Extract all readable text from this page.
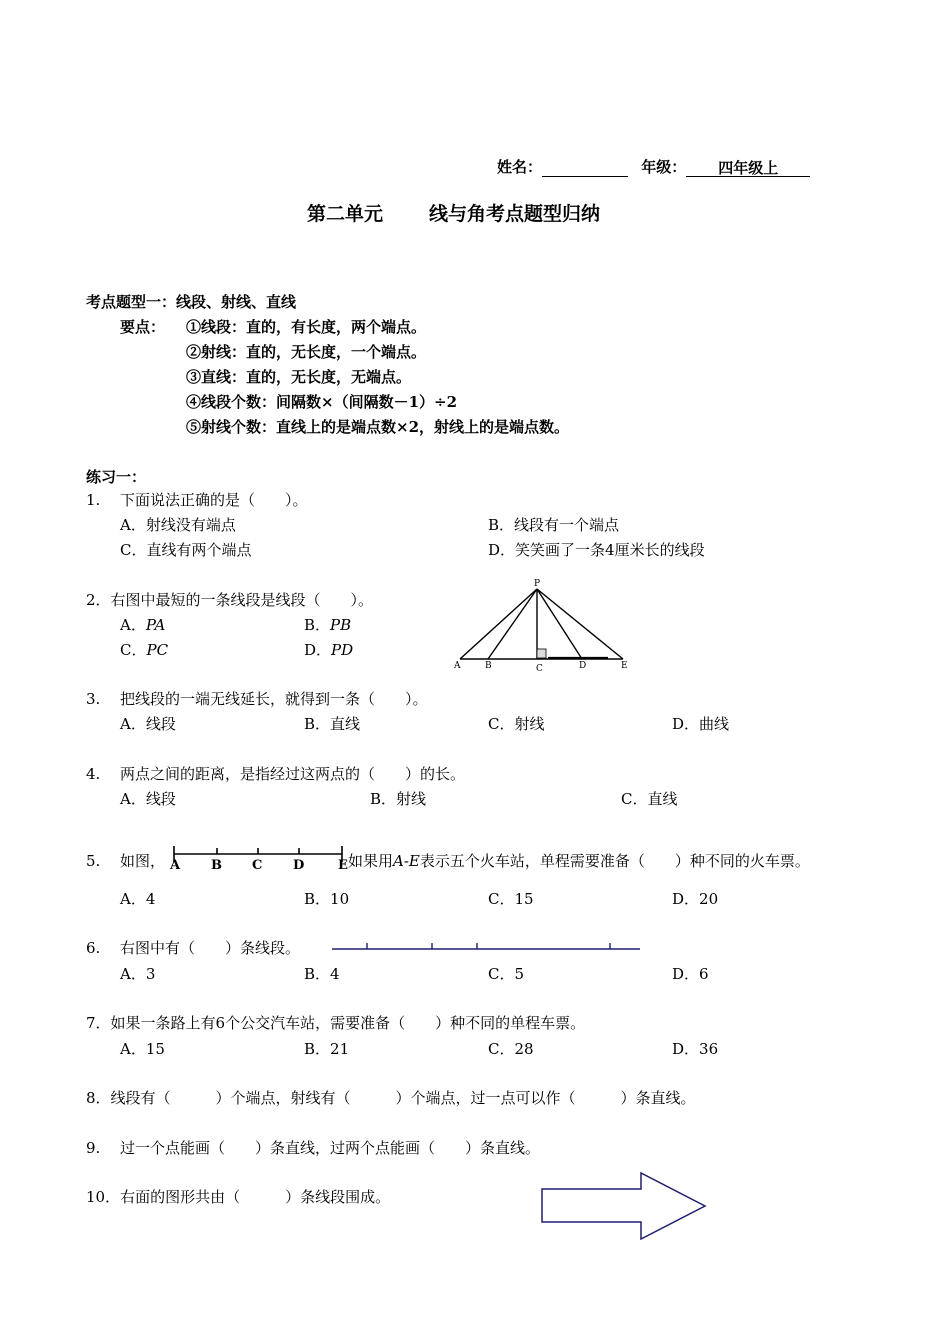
姓名：	年级： 四年级上
第二单元 线与角考点题型归纳
考点题型一：线段、射线、直线
要点： ①线段：直的，有长度，两个端点。
②射线：直的，无长度，一个端点。
③直线：直的，无长度，无端点。
④线段个数：间隔数×（间隔数－1）÷2
⑤射线个数：直线上的是端点数×2，射线上的是端点数。
练习一：
1. 下面说法正确的是（　　）。
A．射线没有端点	B．线段有一个端点
C．直线有两个端点	D．笑笑画了一条4厘米长的线段
2．右图中最短的一条线段是线段（　　）。
A．PA	B．PB
C．PC	D．PD
P
A	B	C	D	E
3. 把线段的一端无线延长，就得到一条（　　）。
A．线段	B．直线	C．射线	D．曲线
4. 两点之间的距离，是指经过这两点的（　　）的长。
A．线段	B．射线	C．直线
5. 如图， A B C D	E 如果用A-E表示五个火车站，单程需要准备（　　）种不同的火车票。
A．4	B．10	C．15	D．20
6. 右图中有（　　）条线段。
A．3	B．4	C．5	D．6
7．如果一条路上有6个公交汽车站，需要准备（　　）种不同的单程车票。
A．15	B．21	C．28	D．36
8．线段有（　　　）个端点，射线有（　　　）个端点，过一点可以作（　　　）条直线。
9. 过一个点能画（　　）条直线，过两个点能画（　　）条直线。
10．右面的图形共由（　　　）条线段围成。
